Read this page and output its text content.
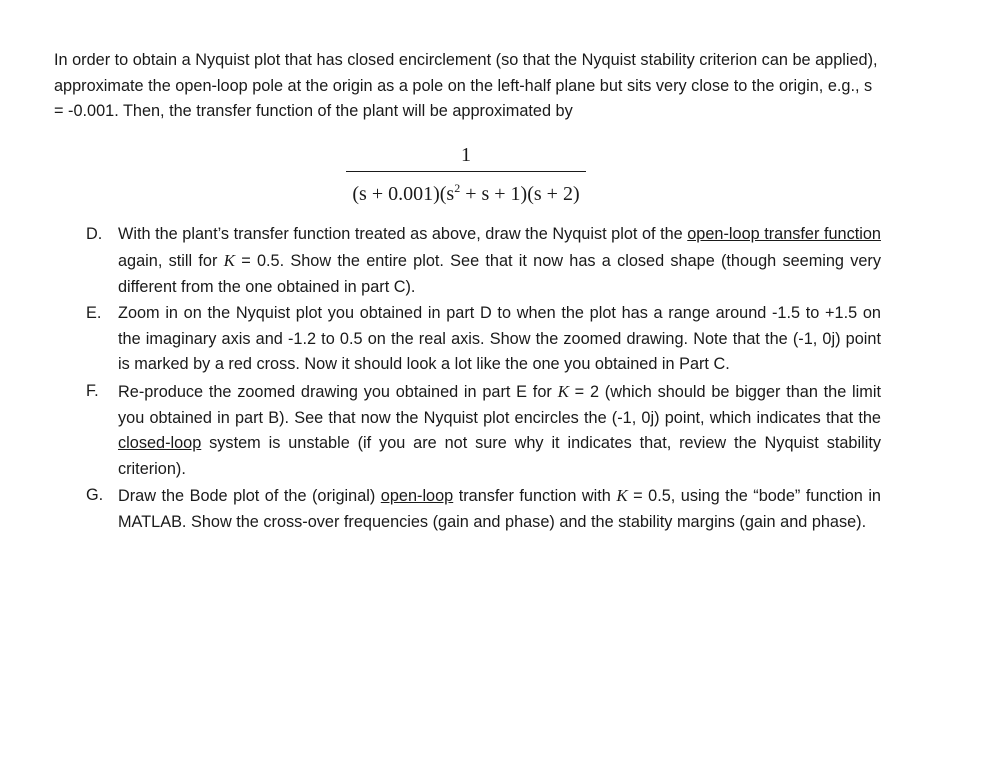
In order to obtain a Nyquist plot that has closed encirclement (so that the Nyquist stability criterion can be applied), approximate the open-loop pole at the origin as a pole on the left-half plane but sits very close to the origin, e.g., s = -0.001. Then, the transfer function of the plant will be approximated by

1
$(s + 0.001)(s^2 + s + 1)(s + 2)$
D. With the plant’s transfer function treated as above, draw the Nyquist plot of the open-loop transfer function again, still for K = 0.5. Show the entire plot. See that it now has a closed shape (though seeming very different from the one obtained in part C).
E. Zoom in on the Nyquist plot you obtained in part D to when the plot has a range around -1.5 to +1.5 on the imaginary axis and -1.2 to 0.5 on the real axis. Show the zoomed drawing. Note that the (-1, 0j) point is marked by a red cross. Now it should look a lot like the one you obtained in Part C.
F. Re-produce the zoomed drawing you obtained in part E for K = 2 (which should be bigger than the limit you obtained in part B). See that now the Nyquist plot encircles the (-1, 0j) point, which indicates that the closed-loop system is unstable (if you are not sure why it indicates that, review the Nyquist stability criterion).
G. Draw the Bode plot of the (original) open-loop transfer function with K = 0.5, using the “bode” function in MATLAB. Show the cross-over frequencies (gain and phase) and the stability margins (gain and phase).
